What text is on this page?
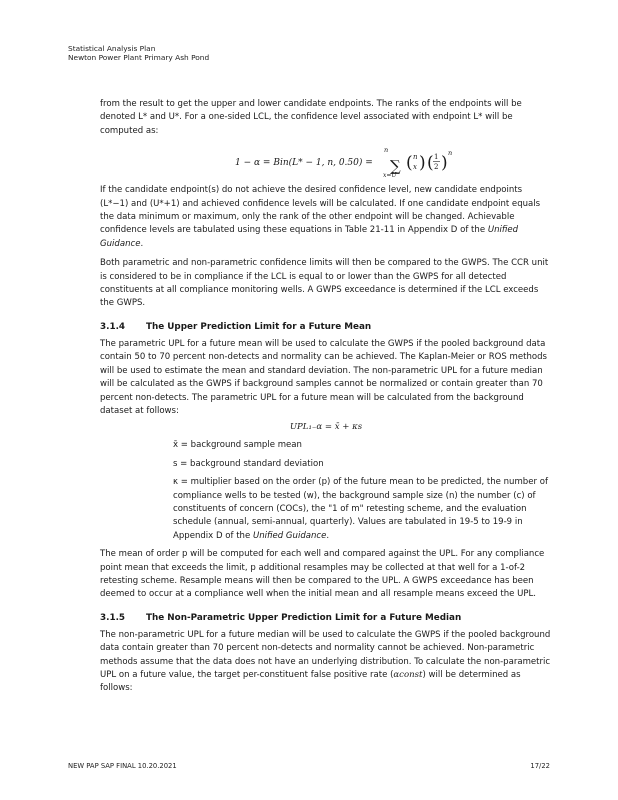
Statistical Analysis Plan
Newton Power Plant Primary Ash Pond

from the result to get the upper and lower candidate endpoints. The ranks of the endpoints will be denoted L* and U*. For a one-sided LCL, the confidence level associated with endpoint L* will be computed as:

1 − α = Bin(L* − 1, n, 0.50) =
n
∑
x=U
( n
x ) ( 1
2 ) n

If the candidate endpoint(s) do not achieve the desired confidence level, new candidate endpoints (L*−1) and (U*+1) and achieved confidence levels will be calculated. If one candidate endpoint equals the data minimum or maximum, only the rank of the other endpoint will be changed. Achievable confidence levels are tabulated using these equations in Table 21-11 in Appendix D of the Unified Guidance.

Both parametric and non-parametric confidence limits will then be compared to the GWPS. The CCR unit is considered to be in compliance if the LCL is equal to or lower than the GWPS for all detected constituents at all compliance monitoring wells. A GWPS exceedance is determined if the LCL exceeds the GWPS.

3.1.4 The Upper Prediction Limit for a Future Mean

The parametric UPL for a future mean will be used to calculate the GWPS if the pooled background data contain 50 to 70 percent non-detects and normality can be achieved. The Kaplan-Meier or ROS methods will be used to estimate the mean and standard deviation. The non-parametric UPL for a future median will be calculated as the GWPS if background samples cannot be normalized or contain greater than 70 percent non-detects. The parametric UPL for a future mean will be calculated from the background dataset at follows:

UPL₁₋α = x̄ + κs

x̄ = background sample mean

s = background standard deviation

κ = multiplier based on the order (p) of the future mean to be predicted, the number of compliance wells to be tested (w), the background sample size (n) the number (c) of constituents of concern (COCs), the "1 of m" retesting scheme, and the evaluation schedule (annual, semi-annual, quarterly). Values are tabulated in 19-5 to 19-9 in Appendix D of the Unified Guidance.

The mean of order p will be computed for each well and compared against the UPL. For any compliance point mean that exceeds the limit, p additional resamples may be collected at that well for a 1-of-2 retesting scheme. Resample means will then be compared to the UPL. A GWPS exceedance has been deemed to occur at a compliance well when the initial mean and all resample means exceed the UPL.

3.1.5 The Non-Parametric Upper Prediction Limit for a Future Median

The non-parametric UPL for a future median will be used to calculate the GWPS if the pooled background data contain greater than 70 percent non-detects and normality cannot be achieved. Non-parametric methods assume that the data does not have an underlying distribution. To calculate the non-parametric UPL on a future value, the target per-constituent false positive rate (αconst) will be determined as follows:

NEW PAP SAP FINAL 10.20.2021	17/22
